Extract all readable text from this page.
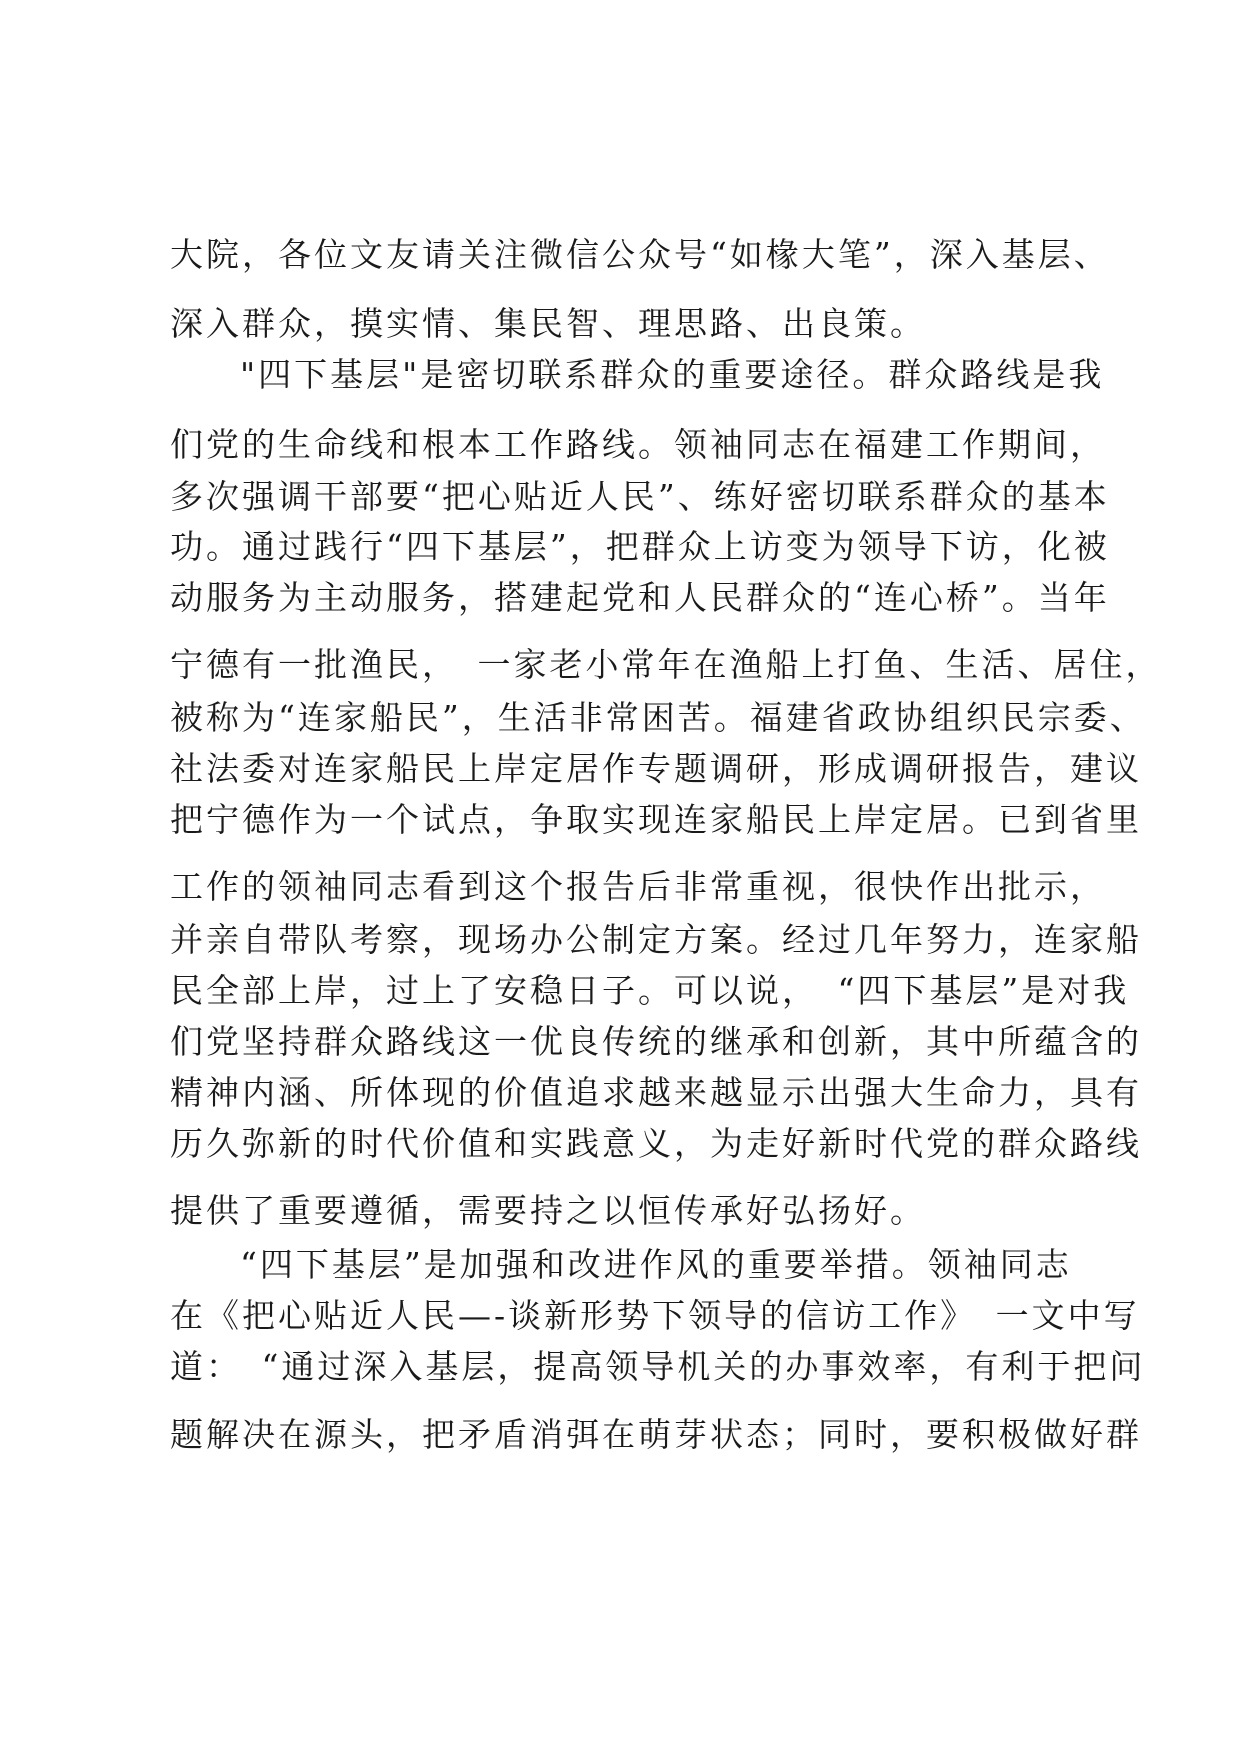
大院，各位文友请关注微信公众号“如椽大笔”，深入基层、

深入群众，摸实情、集民智、理思路、出良策。

"四下基层"是密切联系群众的重要途径。群众路线是我

们党的生命线和根本工作路线。领袖同志在福建工作期间，

多次强调干部要“把心贴近人民”、练好密切联系群众的基本

功。通过践行“四下基层”，把群众上访变为领导下访，化被

动服务为主动服务，搭建起党和人民群众的“连心桥”。当年

宁德有一批渔民，　一家老小常年在渔船上打鱼、生活、居住，

被称为“连家船民”，生活非常困苦。福建省政协组织民宗委、

社法委对连家船民上岸定居作专题调研，形成调研报告，建议

把宁德作为一个试点，争取实现连家船民上岸定居。已到省里

工作的领袖同志看到这个报告后非常重视，很快作出批示，

并亲自带队考察，现场办公制定方案。经过几年努力，连家船

民全部上岸，过上了安稳日子。可以说，　“四下基层”是对我

们党坚持群众路线这一优良传统的继承和创新，其中所蕴含的

精神内涵、所体现的价值追求越来越显示出强大生命力，具有

历久弥新的时代价值和实践意义，为走好新时代党的群众路线

提供了重要遵循，需要持之以恒传承好弘扬好。

“四下基层”是加强和改进作风的重要举措。领袖同志

在《把心贴近人民—-谈新形势下领导的信访工作》　一文中写

道：　“通过深入基层，提高领导机关的办事效率，有利于把问

题解决在源头，把矛盾消弭在萌芽状态；同时，要积极做好群
